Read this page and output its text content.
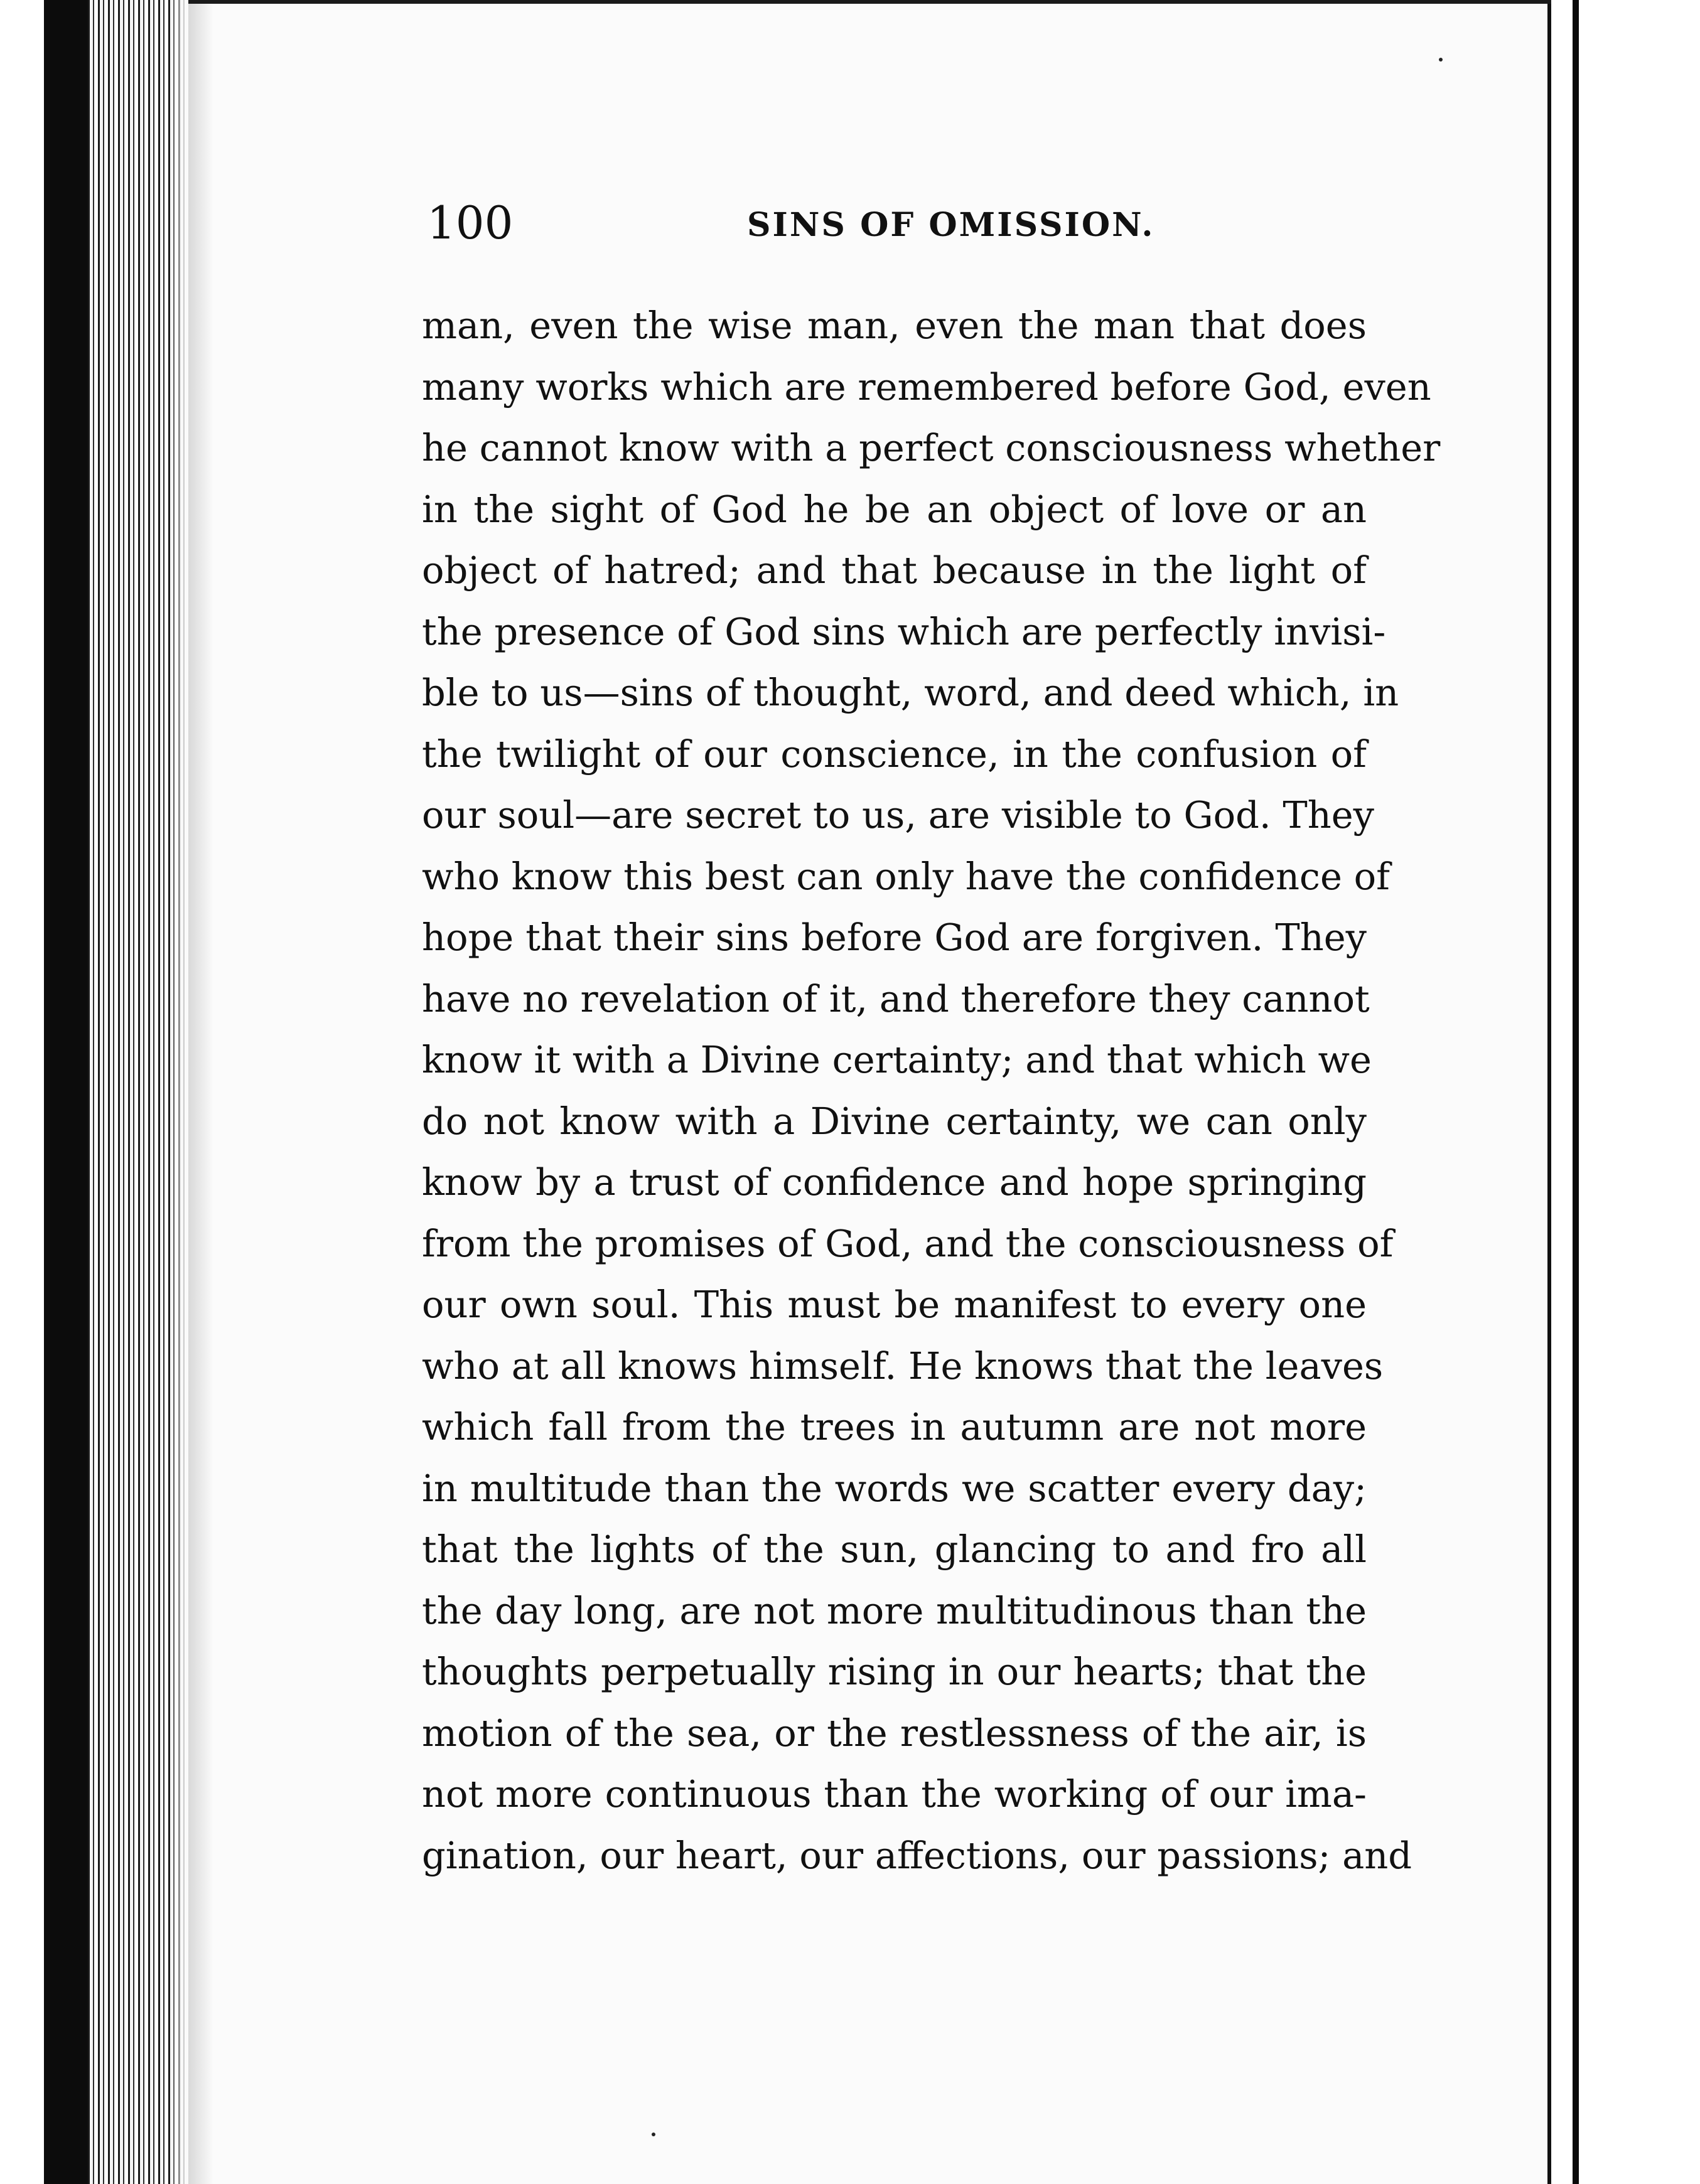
100	SINS OF OMISSION.
man, even the wise man, even the man that does
many works which are remembered before God, even
he cannot know with a perfect consciousness whether
in the sight of God he be an object of love or an
object of hatred; and that because in the light of
the presence of God sins which are perfectly invisi-
ble to us—sins of thought, word, and deed which, in
the twilight of our conscience, in the confusion of
our soul—are secret to us, are visible to God. They
who know this best can only have the confidence of
hope that their sins before God are forgiven. They
have no revelation of it, and therefore they cannot
know it with a Divine certainty; and that which we
do not know with a Divine certainty, we can only
know by a trust of confidence and hope springing
from the promises of God, and the consciousness of
our own soul. This must be manifest to every one
who at all knows himself. He knows that the leaves
which fall from the trees in autumn are not more
in multitude than the words we scatter every day;
that the lights of the sun, glancing to and fro all
the day long, are not more multitudinous than the
thoughts perpetually rising in our hearts; that the
motion of the sea, or the restlessness of the air, is
not more continuous than the working of our ima-
gination, our heart, our affections, our passions; and
